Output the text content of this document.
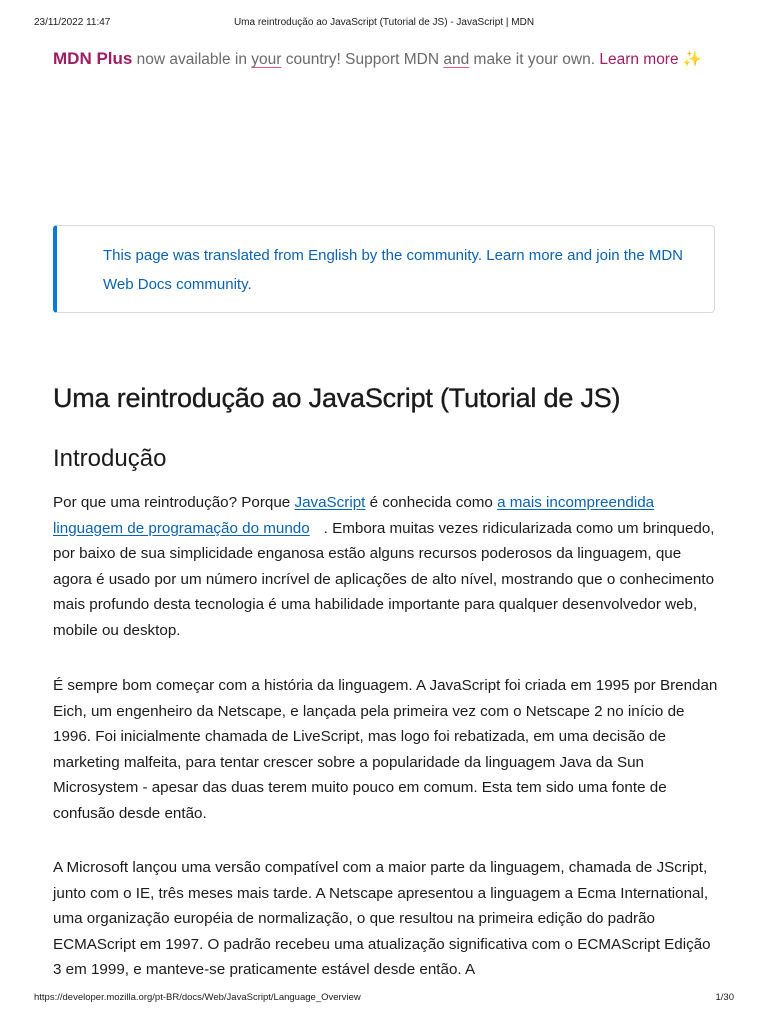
23/11/2022 11:47	Uma reintrodução ao JavaScript (Tutorial de JS) - JavaScript | MDN
MDN Plus now available in your country! Support MDN and make it your own. Learn more ✨
This page was translated from English by the community. Learn more and join the MDN Web Docs community.
Uma reintrodução ao JavaScript (Tutorial de JS)
Introdução

Por que uma reintrodução? Porque JavaScript é conhecida como a mais incompreendida linguagem de programação do mundo . Embora muitas vezes ridicularizada como um brinquedo, por baixo de sua simplicidade enganosa estão alguns recursos poderosos da linguagem, que agora é usado por um número incrível de aplicações de alto nível, mostrando que o conhecimento mais profundo desta tecnologia é uma habilidade importante para qualquer desenvolvedor web, mobile ou desktop.

É sempre bom começar com a história da linguagem. A JavaScript foi criada em 1995 por Brendan Eich, um engenheiro da Netscape, e lançada pela primeira vez com o Netscape 2 no início de 1996. Foi inicialmente chamada de LiveScript, mas logo foi rebatizada, em uma decisão de marketing malfeita, para tentar crescer sobre a popularidade da linguagem Java da Sun Microsystem - apesar das duas terem muito pouco em comum. Esta tem sido uma fonte de confusão desde então.

A Microsoft lançou uma versão compatível com a maior parte da linguagem, chamada de JScript, junto com o IE, três meses mais tarde. A Netscape apresentou a linguagem a Ecma International, uma organização européia de normalização, o que resultou na primeira edição do padrão ECMAScript em 1997. O padrão recebeu uma atualização significativa com o ECMAScript Edição 3 em 1999, e manteve-se praticamente estável desde então. A

https://developer.mozilla.org/pt-BR/docs/Web/JavaScript/Language_Overview	1/30
